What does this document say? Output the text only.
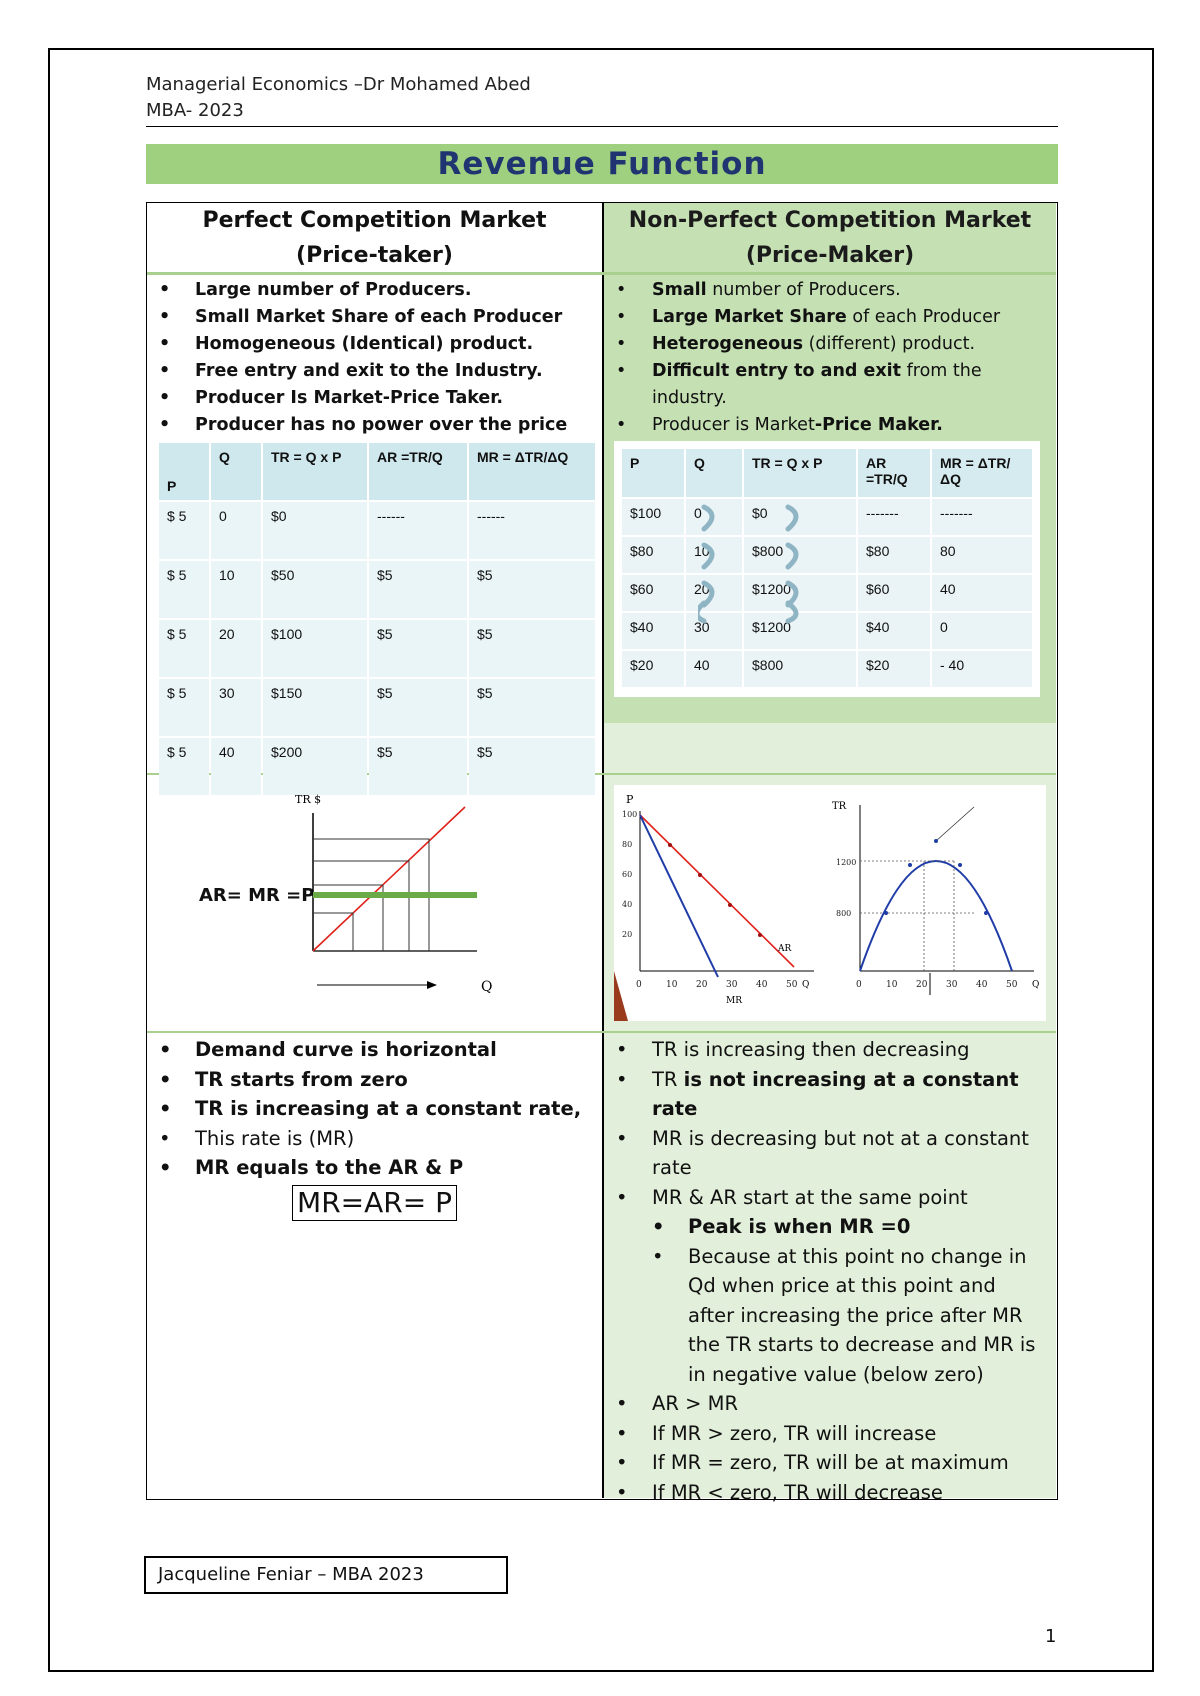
Managerial Economics –Dr Mohamed Abed
MBA- 2023
Revenue Function
Perfect Competition Market
(Price-taker)
Non-Perfect Competition Market
(Price-Maker)
• Large number of Producers.
• Small Market Share of each Producer
• Homogeneous (Identical) product.
• Free entry and exit to the Industry.
• Producer Is Market-Price Taker.
• Producer has no power over the price
• Small number of Producers.
• Large Market Share of each Producer
• Heterogeneous (different) product.
• Difficult entry to and exit from the industry.
• Producer is Market-Price Maker.
P	Q	TR = Q x P	AR =TR/Q	MR = ΔTR/ΔQ
$ 5	0	$0	------	------
$ 5	10	$50	$5	$5
$ 5	20	$100	$5	$5
$ 5	30	$150	$5	$5
$ 5	40	$200	$5	$5
P	Q	TR = Q x P	AR =TR/Q	MR = ΔTR/ΔQ
$100	0	$0	-------	-------
$80	10	$800	$80	80
$60	20	$1200	$60	40
$40	30	$1200	$40	0
$20	40	$800	$20	- 40
AR= MR =P
TR $
Q
P
100
80
60
40
20
0	10 20 30 40 50 Q
AR
MR
TR
1200
800
0	10 20 30 40 50 Q
• Demand curve is horizontal
• TR starts from zero
• TR is increasing at a constant rate,
• This rate is (MR)
• MR equals to the AR & P
MR=AR= P
• TR is increasing then decreasing
• TR is not increasing at a constant rate
• MR is decreasing but not at a constant rate
• MR & AR start at the same point
• Peak is when MR =0
• Because at this point no change in Qd when price at this point and after increasing the price after MR the TR starts to decrease and MR is in negative value (below zero)
• AR > MR
• If MR > zero, TR will increase
• If MR = zero, TR will be at maximum
• If MR < zero, TR will decrease
Jacqueline Feniar – MBA 2023
1
